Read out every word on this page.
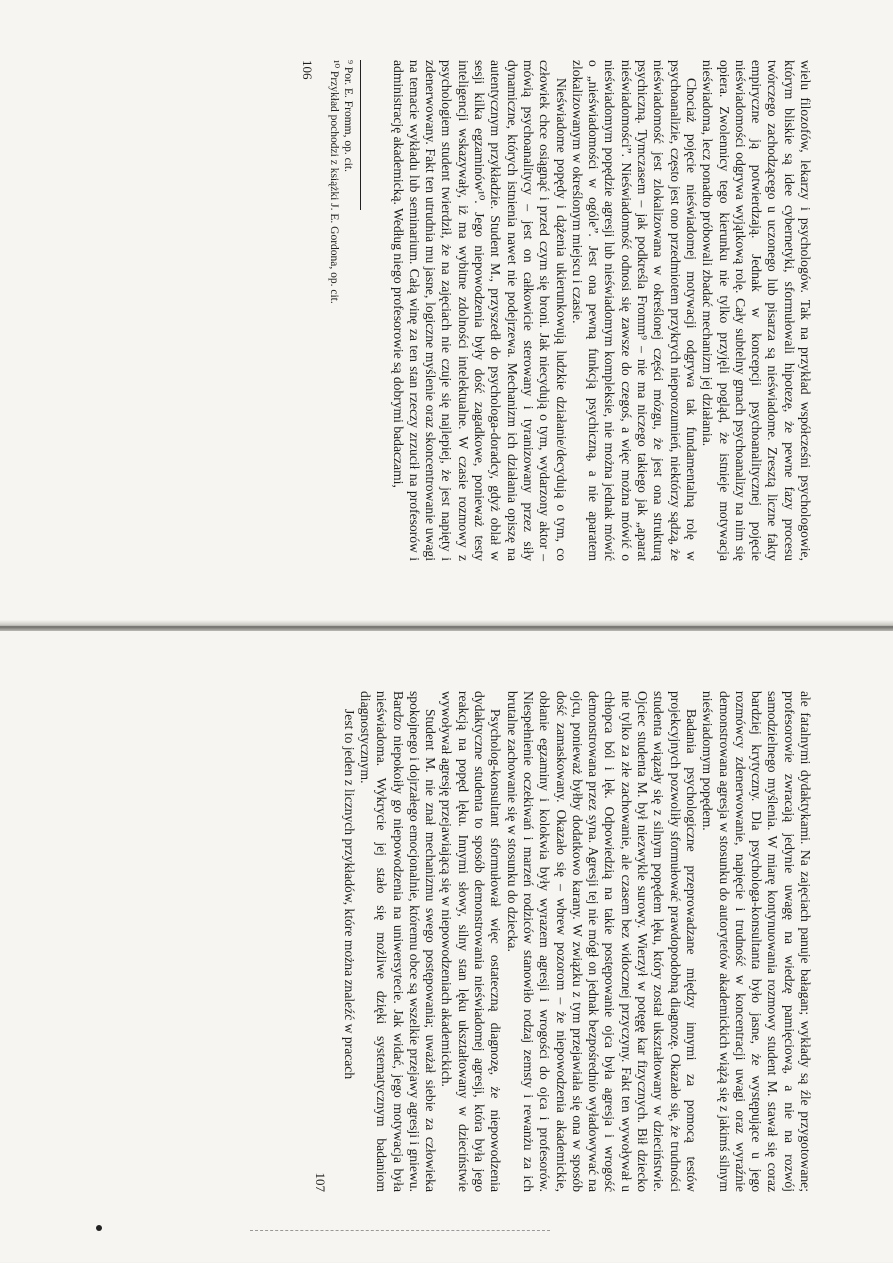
wielu filozofów, lekarzy i psychologów. Tak na przykład współcześni psychologowie, którym bliskie są idee cybernetyki, sformułowali hipotezę, że pewne fazy procesu twórczego zachodzącego u uczonego lub pisarza są nieświadome. Zresztą liczne fakty empiryczne ją potwierdzają. Jednak w koncepcji psychoanalitycznej pojęcie nieświadomości odgrywa wyjątkową rolę. Cały subtelny gmach psychoanalizy na nim się opiera. Zwolennicy tego kierunku nie tylko przyjęli pogląd, że istnieje motywacja nieświadoma, lecz ponadto próbowali zbadać mechanizm jej działania.

Chociaż pojęcie nieświadomej motywacji odgrywa tak fundamentalną rolę w psychoanalizie, często jest ono przedmiotem przykrych nieporozumień, niektórzy sądzą, że nieświadomość jest zlokalizowana w określonej części mózgu, że jest ona strukturą psychiczną. Tymczasem – jak podkreśla Fromm⁹ – nie ma niczego takiego jak „aparat nieświadomości”. Nieświadomość odnosi się zawsze do czegoś, a więc można mówić o nieświadomym popędzie agresji lub nieświadomym kompleksie, nie można jednak mówić o „nieświadomości w ogóle”. Jest ona pewną funkcją psychiczną, a nie aparatem zlokalizowanym w określonym miejscu i czasie.

Nieświadome popędy i dążenia ukierunkowują ludzkie działanie/decydują o tym, co człowiek chce osiągnąć i przed czym się broni. Jak niecydują o tym, wydarzony aktor – mówią psychoanalitycy – jest on całkowicie sterowany i tyranizowany przez siły dynamiczne, których istnienia nawet nie podejrzewa. Mechanizm ich działania opiszę na autentycznym przykładzie. Student M., przyszedł do psychologa-doradcy, gdyż oblał w sesji kilka egzaminów¹⁰. Jego niepowodzenia były dość zagadkowe, ponieważ testy inteligencji wskazywały, iż ma wybitne zdolności intelektualne. W czasie rozmowy z psychologiem student twierdził, że na zajęciach nie czuje się najlepiej, że jest napięty i zdenerwowany. Fakt ten utrudnia mu jasne, logiczne myślenie oraz skoncentrowanie uwagi na temacie wykładu lub seminarium. Całą winę za ten stan rzeczy zrzucił na profesorów i administrację akademicką. Według niego profesorowie są dobrymi badaczami,

⁹ Por. E. Fromm, op. cit.

¹⁰ Przykład pochodzi z książki J. E. Gordona, op. cit.

106

ale fatalnymi dydaktykami. Na zajęciach panuje bałagan; wykłady są źle przygotowane; profesorowie zwracają jedynie uwagę na wiedzę pamięciową, a nie na rozwój samodzielnego myślenia. W miarę kontynuowania rozmowy student M. stawał się coraz bardziej krytyczny. Dla psychologa-konsultanta było jasne, że występujące u jego rozmówcy zdenerwowanie, napięcie i trudność w koncentracji uwagi oraz wyraźnie demonstrowana agresja w stosunku do autorytetów akademickich wiążą się z jakimś silnym nieświadomym popędem.

Badania psychologiczne przeprowadzane między innymi za pomocą testów projekcyjnych pozwoliły sformułować prawdopodobną diagnozę. Okazało się, że trudności studenta wiązały się z silnym popędem lęku, który został ukształtowany w dzieciństwie. Ojciec studenta M. był niezwykle surowy. Wierzył w potęgę kar fizycznych. Bił dziecko nie tylko za złe zachowanie, ale czasem bez widocznej przyczyny. Fakt ten wywoływał u chłopca ból i lęk. Odpowiedzią na takie postępowanie ojca była agresja i wrogość demonstrowana przez syna. Agresji tej nie mógł on jednak bezpośrednio wyładowywać na ojcu, ponieważ byłby dodatkowo karany. W związku z tym przejawiała się ona w sposób dość zamaskowany. Okazało się – wbrew pozorom – że niepowodzenia akademickie, obłanie egzaminy i kolokwia były wyrazem agresji i wrogości do ojca i profesorów. Niespełnienie oczekiwań i marzeń rodziców stanowiło rodzaj zemsty i rewanżu za ich brutalne zachowanie się w stosunku do dziecka.

Psycholog-konsultant sformułował więc ostateczną diagnozę, że niepowodzenia dydaktyczne studenta to sposób demonstrowania nieświadomej agresji, która była jego reakcją na popęd lęku. Innymi słowy, silny stan lęku ukształtowany w dzieciństwie wywoływał agresję przejawiającą się w niepowodzeniach akademickich.

Student M. nie znał mechanizmu swego postępowania; uważał siebie za człowieka spokojnego i dojrzałego emocjonalnie, któremu obce są wszelkie przejawy agresji i gniewu. Bardzo niepokoiły go niepowodzenia na uniwersytecie. Jak widać, jego motywacja była nieświadoma. Wykrycie jej stało się możliwe dzięki systematycznym badaniom diagnostycznym.

Jest to jeden z licznych przykładów, które można znaleźć w pracach

107
